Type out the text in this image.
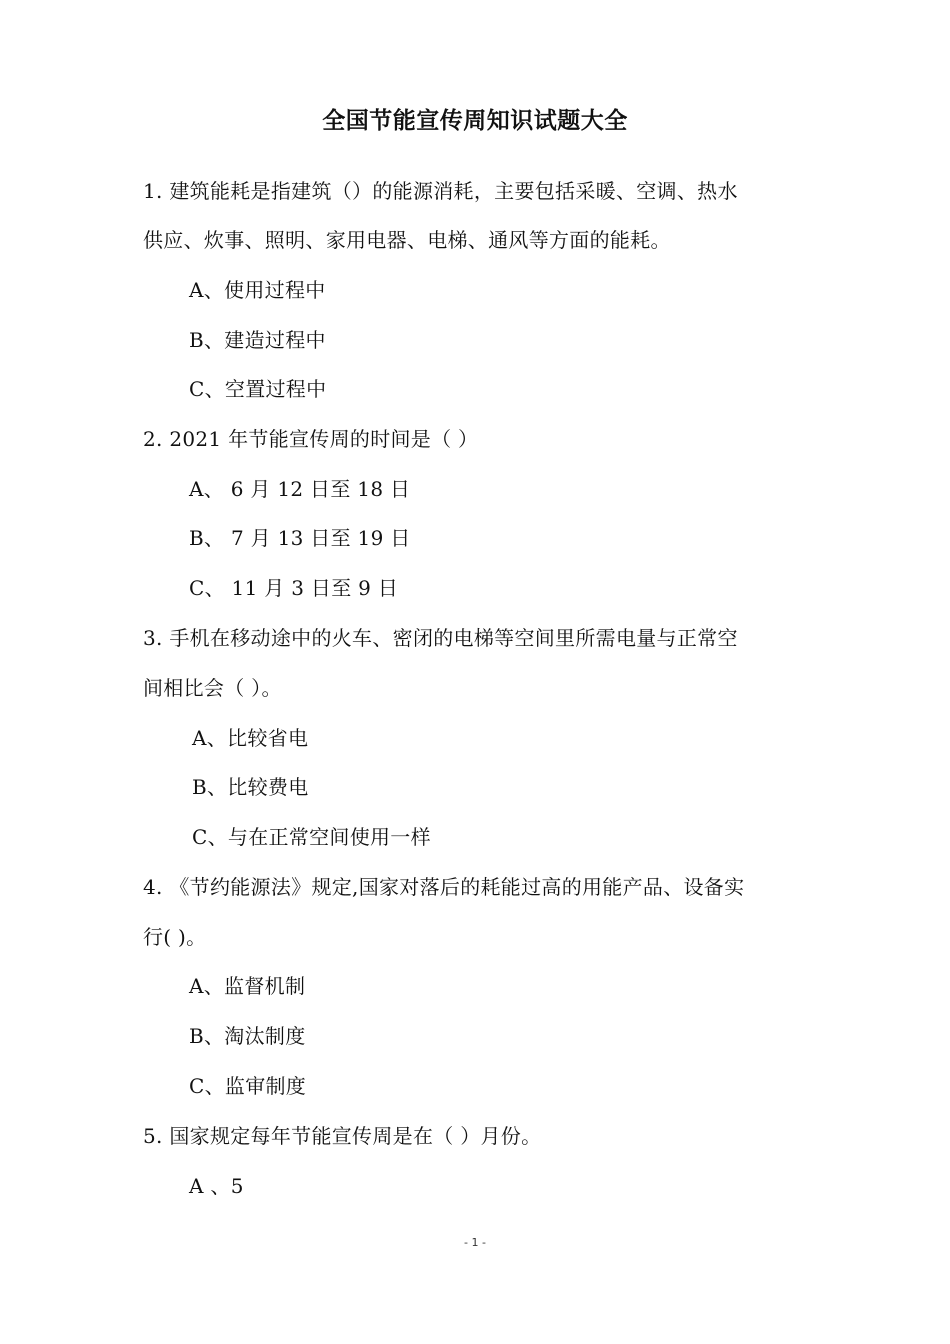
全国节能宣传周知识试题大全
1. 建筑能耗是指建筑（）的能源消耗，主要包括采暖、空调、热水
供应、炊事、照明、家用电器、电梯、通风等方面的能耗。
A、使用过程中
B、建造过程中
C、空置过程中
2. 2021 年节能宣传周的时间是（ ）
A、 6 月 12 日至 18 日
B、 7 月 13 日至 19 日
C、 11 月 3 日至 9 日
3. 手机在移动途中的火车、密闭的电梯等空间里所需电量与正常空
间相比会（ ）。
A、比较省电
B、比较费电
C、与在正常空间使用一样
4. 《节约能源法》规定,国家对落后的耗能过高的用能产品、设备实
行( )。
A、监督机制
B、淘汰制度
C、监审制度
5. 国家规定每年节能宣传周是在（ ）月份。
A 、5
- 1 -
